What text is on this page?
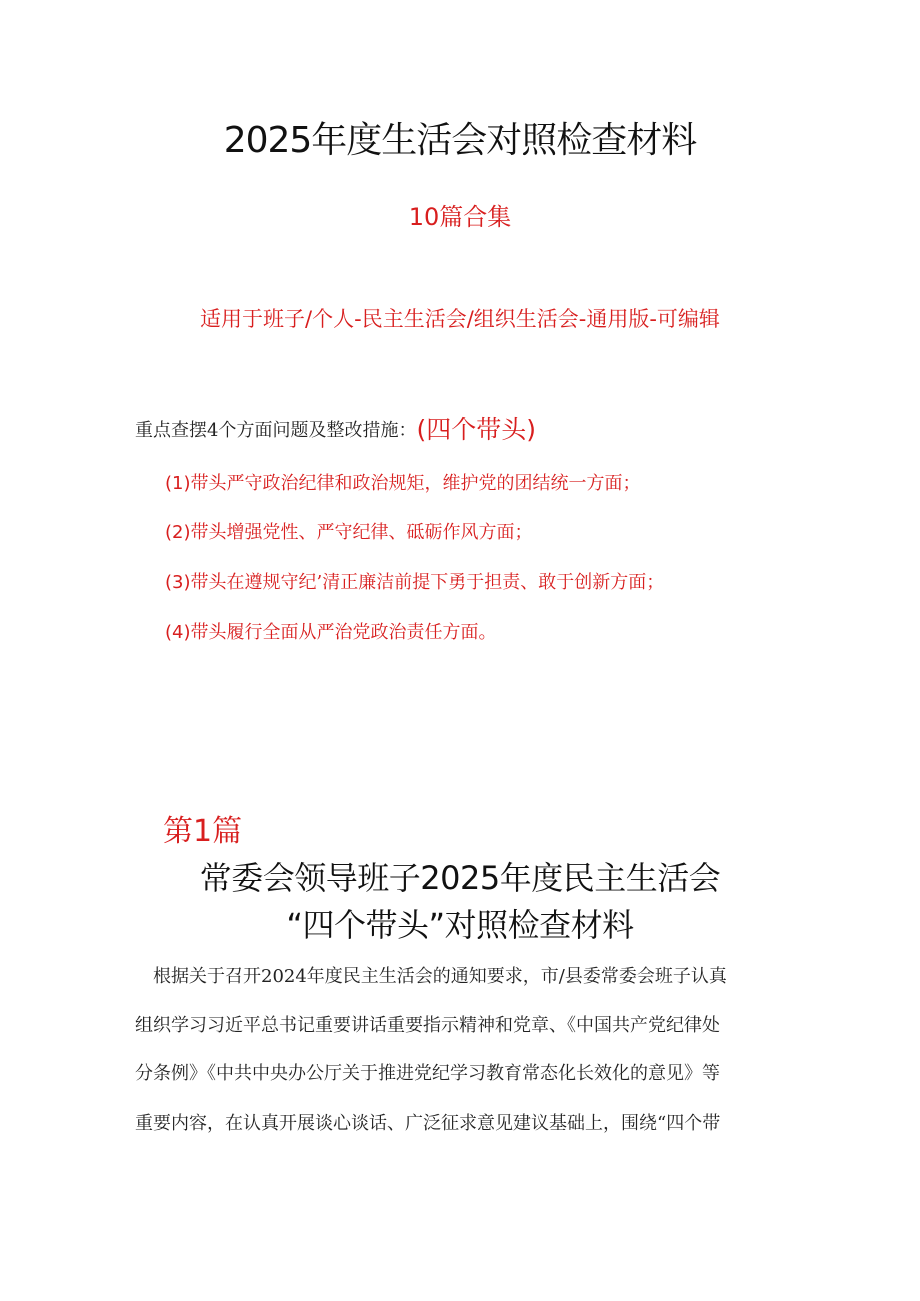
2025年度生活会对照检查材料
10篇合集
适用于班子/个人-民主生活会/组织生活会-通用版-可编辑
重点查摆4个方面问题及整改措施：(四个带头)
(1)带头严守政治纪律和政治规矩，维护党的团结统一方面；
(2)带头增强党性、严守纪律、砥砺作风方面；
(3)带头在遵规守纪’清正廉洁前提下勇于担责、敢于创新方面；
(4)带头履行全面从严治党政治责任方面。
第1篇
常委会领导班子2025年度民主生活会
“四个带头”对照检查材料
根据关于召开2024年度民主生活会的通知要求，市/县委常委会班子认真
组织学习习近平总书记重要讲话重要指示精神和党章、《中国共产党纪律处
分条例》《中共中央办公厅关于推进党纪学习教育常态化长效化的意见》等
重要内容，在认真开展谈心谈话、广泛征求意见建议基础上，围绕“四个带
